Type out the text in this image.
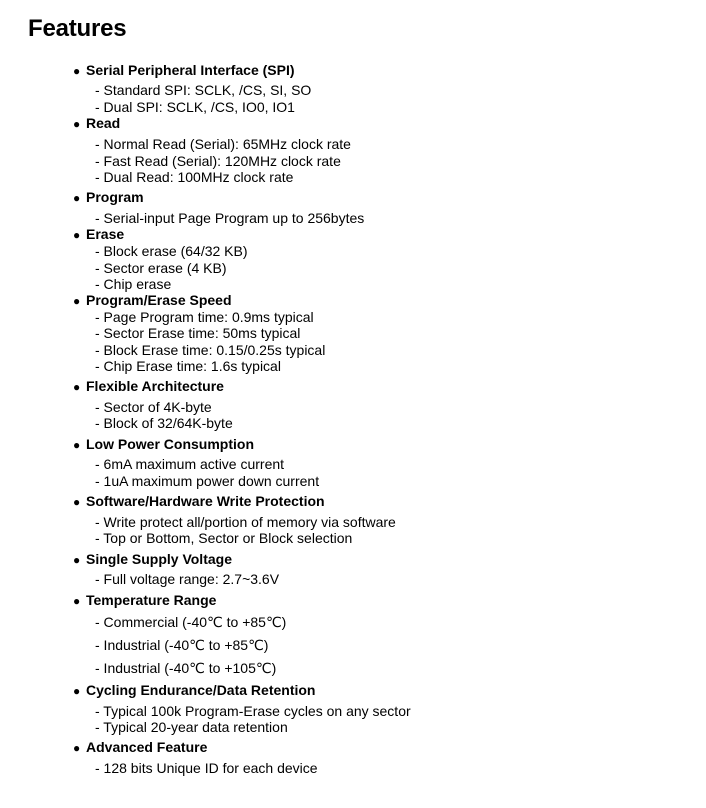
Features
● Serial Peripheral Interface (SPI)
- Standard SPI: SCLK, /CS, SI, SO
- Dual SPI: SCLK, /CS, IO0, IO1
● Read
- Normal Read (Serial): 65MHz clock rate
- Fast Read (Serial): 120MHz clock rate
- Dual Read: 100MHz clock rate
● Program
- Serial-input Page Program up to 256bytes
● Erase
- Block erase (64/32 KB)
- Sector erase (4 KB)
- Chip erase
● Program/Erase Speed
- Page Program time: 0.9ms typical
- Sector Erase time: 50ms typical
- Block Erase time: 0.15/0.25s typical
- Chip Erase time: 1.6s typical
● Flexible Architecture
- Sector of 4K-byte
- Block of 32/64K-byte
● Low Power Consumption
- 6mA maximum active current
- 1uA maximum power down current
● Software/Hardware Write Protection
- Write protect all/portion of memory via software
- Top or Bottom, Sector or Block selection
● Single Supply Voltage
- Full voltage range: 2.7~3.6V
● Temperature Range
- Commercial (-40℃ to +85℃)
- Industrial (-40℃ to +85℃)
- Industrial (-40℃ to +105℃)
● Cycling Endurance/Data Retention
- Typical 100k Program-Erase cycles on any sector
- Typical 20-year data retention
● Advanced Feature
- 128 bits Unique ID for each device
